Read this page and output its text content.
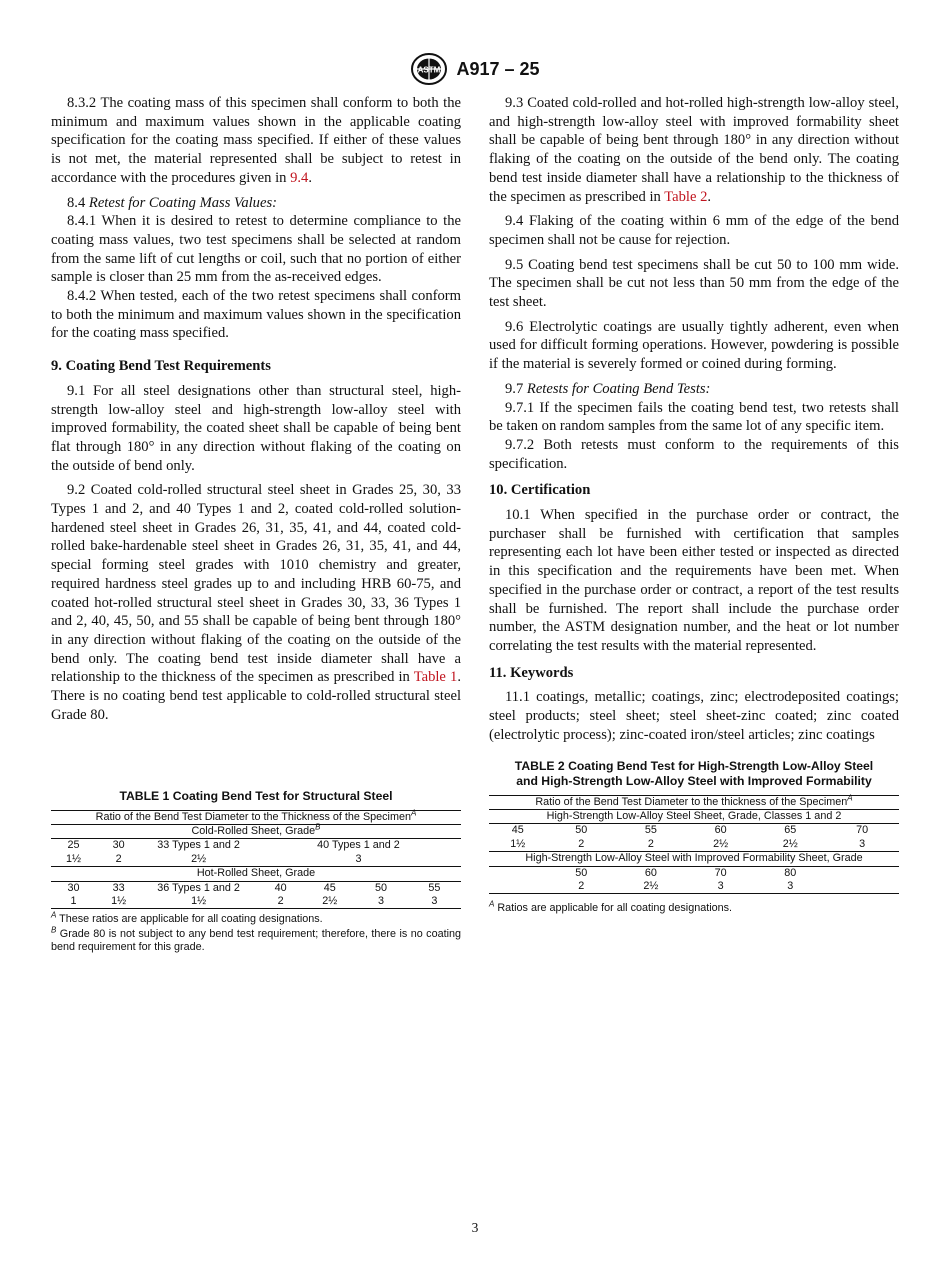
ASTM A917 – 25

8.3.2 The coating mass of this specimen shall conform to both the minimum and maximum values shown in the applicable coating specification for the coating mass specified. If either of these values is not met, the material represented shall be subject to retest in accordance with the procedures given in 9.4.

8.4 Retest for Coating Mass Values:

8.4.1 When it is desired to retest to determine compliance to the coating mass values, two test specimens shall be selected at random from the same lift of cut lengths or coil, such that no portion of either sample is closer than 25 mm from the as-received edges.

8.4.2 When tested, each of the two retest specimens shall conform to both the minimum and maximum values shown in the specification for the coating mass specified.

9. Coating Bend Test Requirements

9.1 For all steel designations other than structural steel, high-strength low-alloy steel and high-strength low-alloy steel with improved formability, the coated sheet shall be capable of being bent flat through 180° in any direction without flaking of the coating on the outside of bend only.

9.2 Coated cold-rolled structural steel sheet in Grades 25, 30, 33 Types 1 and 2, and 40 Types 1 and 2, coated cold-rolled solution-hardened steel sheet in Grades 26, 31, 35, 41, and 44, coated cold-rolled bake-hardenable steel sheet in Grades 26, 31, 35, 41, and 44, special forming steel grades with 1010 chemistry and greater, required hardness steel grades up to and including HRB 60-75, and coated hot-rolled structural steel sheet in Grades 30, 33, 36 Types 1 and 2, 40, 45, 50, and 55 shall be capable of being bent through 180° in any direction without flaking of the coating on the outside of the bend only. The coating bend test inside diameter shall have a relationship to the thickness of the specimen as prescribed in Table 1. There is no coating bend test applicable to cold-rolled structural steel Grade 80.

TABLE 1 Coating Bend Test for Structural Steel
Ratio of the Bend Test Diameter to the Thickness of the Specimen$^A$
Cold-Rolled Sheet, Grade$^B$
25	30	33 Types 1 and 2	40 Types 1 and 2			
1½	2	2½	3			
Hot-Rolled Sheet, Grade						
30	33	36 Types 1 and 2	40	45	50	55
1	1½	1½	2	2½	3	3
$^A$ These ratios are applicable for all coating designations.
$^B$ Grade 80 is not subject to any bend test requirement; therefore, there is no coating bend requirement for this grade.

9.3 Coated cold-rolled and hot-rolled high-strength low-alloy steel, and high-strength low-alloy steel with improved formability sheet shall be capable of being bent through 180° in any direction without flaking of the coating on the outside of the bend only. The coating bend test inside diameter shall have a relationship to the thickness of the specimen as prescribed in Table 2.

9.4 Flaking of the coating within 6 mm of the edge of the bend specimen shall not be cause for rejection.

9.5 Coating bend test specimens shall be cut 50 to 100 mm wide. The specimen shall be cut not less than 50 mm from the edge of the test sheet.

9.6 Electrolytic coatings are usually tightly adherent, even when used for difficult forming operations. However, powdering is possible if the material is severely formed or coined during forming.

9.7 Retests for Coating Bend Tests:

9.7.1 If the specimen fails the coating bend test, two retests shall be taken on random samples from the same lot of any specific item.

9.7.2 Both retests must conform to the requirements of this specification.

10. Certification

10.1 When specified in the purchase order or contract, the purchaser shall be furnished with certification that samples representing each lot have been either tested or inspected as directed in this specification and the requirements have been met. When specified in the purchase order or contract, a report of the test results shall be furnished. The report shall include the purchase order number, the ASTM designation number, and the heat or lot number correlating the test results with the material represented.

11. Keywords

11.1 coatings, metallic; coatings, zinc; electrodeposited coatings; steel products; steel sheet; steel sheet-zinc coated; zinc coated (electrolytic process); zinc-coated iron/steel articles; zinc coatings

TABLE 2 Coating Bend Test for High-Strength Low-Alloy Steel
and High-Strength Low-Alloy Steel with Improved Formability
Ratio of the Bend Test Diameter to the thickness of the Specimen$^A$
High-Strength Low-Alloy Steel Sheet, Grade, Classes 1 and 2					
45	50	55	60	65	70
1½	2	2	2½	2½	3
High-Strength Low-Alloy Steel with Improved Formability Sheet, Grade					
	50	60	70	80	
	2	2½	3	3	
$^A$ Ratios are applicable for all coating designations.
3
